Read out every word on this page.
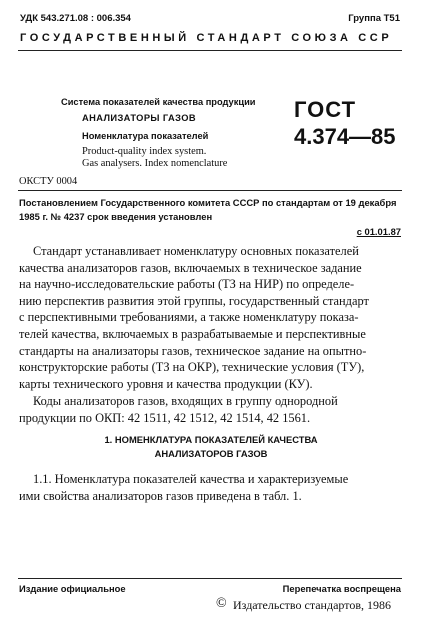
УДК 543.271.08 : 006.354	Группа Т51
ГОСУДАРСТВЕННЫЙ СТАНДАРТ СОЮЗА ССР
Система показателей качества продукции
АНАЛИЗАТОРЫ ГАЗОВ
Номенклатура показателей
Product-quality index system.
Gas analysers. Index nomenclature
ГОСТ
4.374—85
ОКСТУ 0004
Постановлением Государственного комитета СССР по стандартам от 19 декабря
1985 г. № 4237 срок введения установлен
с 01.01.87
Стандарт устанавливает номенклатуру основных показателей
качества анализаторов газов, включаемых в техническое задание
на научно-исследовательские работы (ТЗ на НИР) по определе-
нию перспектив развития этой группы, государственный стандарт
с перспективными требованиями, а также номенклатуру показа-
телей качества, включаемых в разрабатываемые и перспективные
стандарты на анализаторы газов, техническое задание на опытно-
конструкторские работы (ТЗ на ОКР), технические условия (ТУ),
карты технического уровня и качества продукции (КУ).
Коды анализаторов газов, входящих в группу однородной
продукции по ОКП: 42 1511, 42 1512, 42 1514, 42 1561.
1. НОМЕНКЛАТУРА ПОКАЗАТЕЛЕЙ КАЧЕСТВА
АНАЛИЗАТОРОВ ГАЗОВ
1.1. Номенклатура показателей качества и характеризуемые
ими свойства анализаторов газов приведена в табл. 1.
Издание официальное	Перепечатка воспрещена
© Издательство стандартов, 1986
